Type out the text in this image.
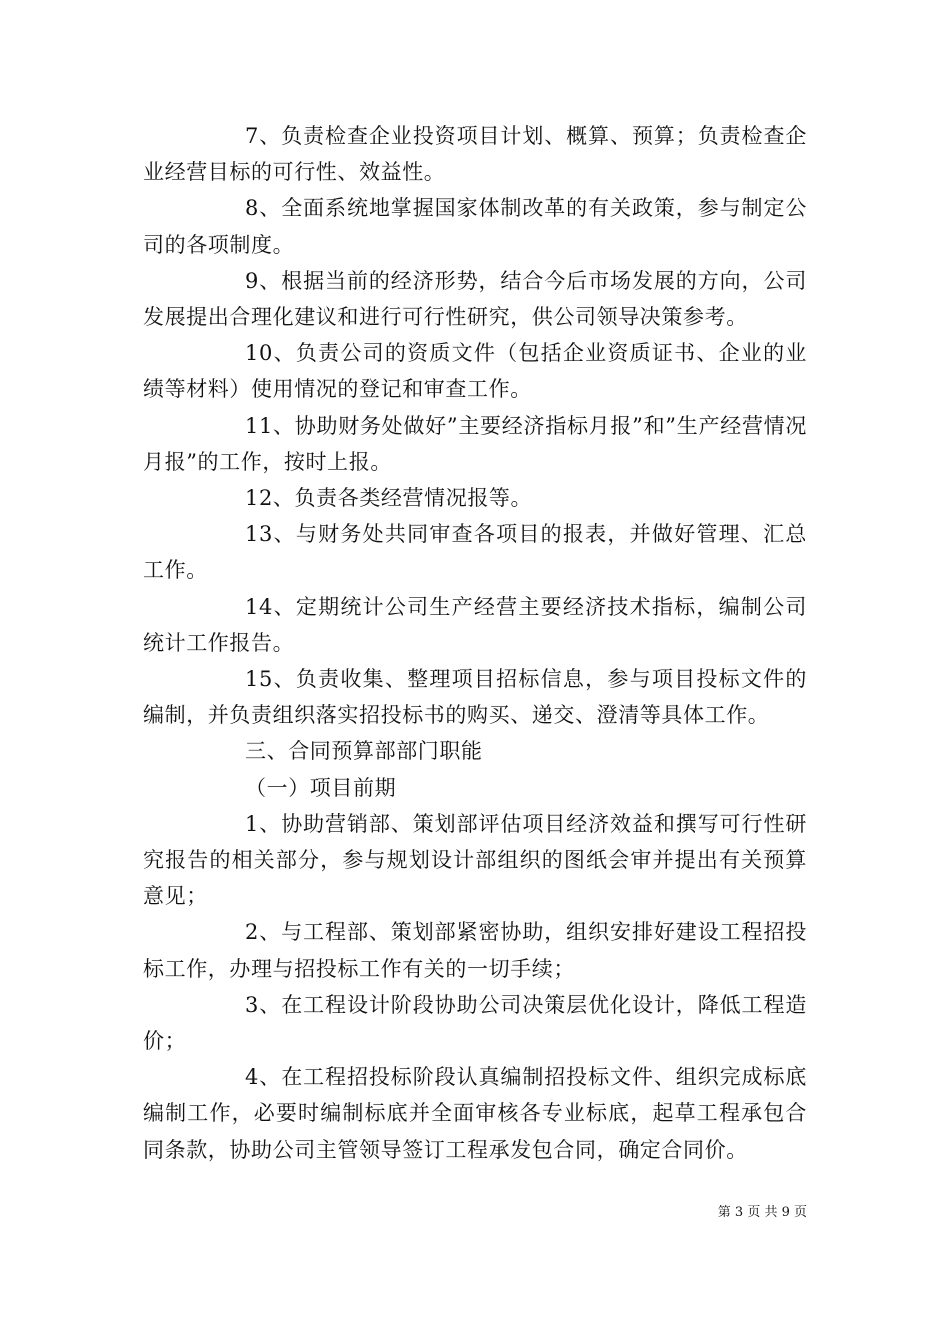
7、负责检查企业投资项目计划、概算、预算；负责检查企业经营目标的可行性、效益性。

8、全面系统地掌握国家体制改革的有关政策，参与制定公司的各项制度。

9、根据当前的经济形势，结合今后市场发展的方向，公司发展提出合理化建议和进行可行性研究，供公司领导决策参考。

10、负责公司的资质文件（包括企业资质证书、企业的业绩等材料）使用情况的登记和审查工作。

11、协助财务处做好”主要经济指标月报”和”生产经营情况月报”的工作，按时上报。

12、负责各类经营情况报等。

13、与财务处共同审查各项目的报表，并做好管理、汇总工作。

14、定期统计公司生产经营主要经济技术指标，编制公司统计工作报告。

15、负责收集、整理项目招标信息，参与项目投标文件的编制，并负责组织落实招投标书的购买、递交、澄清等具体工作。

三、合同预算部部门职能

（一）项目前期

1、协助营销部、策划部评估项目经济效益和撰写可行性研究报告的相关部分，参与规划设计部组织的图纸会审并提出有关预算意见；

2、与工程部、策划部紧密协助，组织安排好建设工程招投标工作，办理与招投标工作有关的一切手续；

3、在工程设计阶段协助公司决策层优化设计，降低工程造价；

4、在工程招投标阶段认真编制招投标文件、组织完成标底编制工作，必要时编制标底并全面审核各专业标底，起草工程承包合同条款，协助公司主管领导签订工程承发包合同，确定合同价。

第 3 页 共 9 页
